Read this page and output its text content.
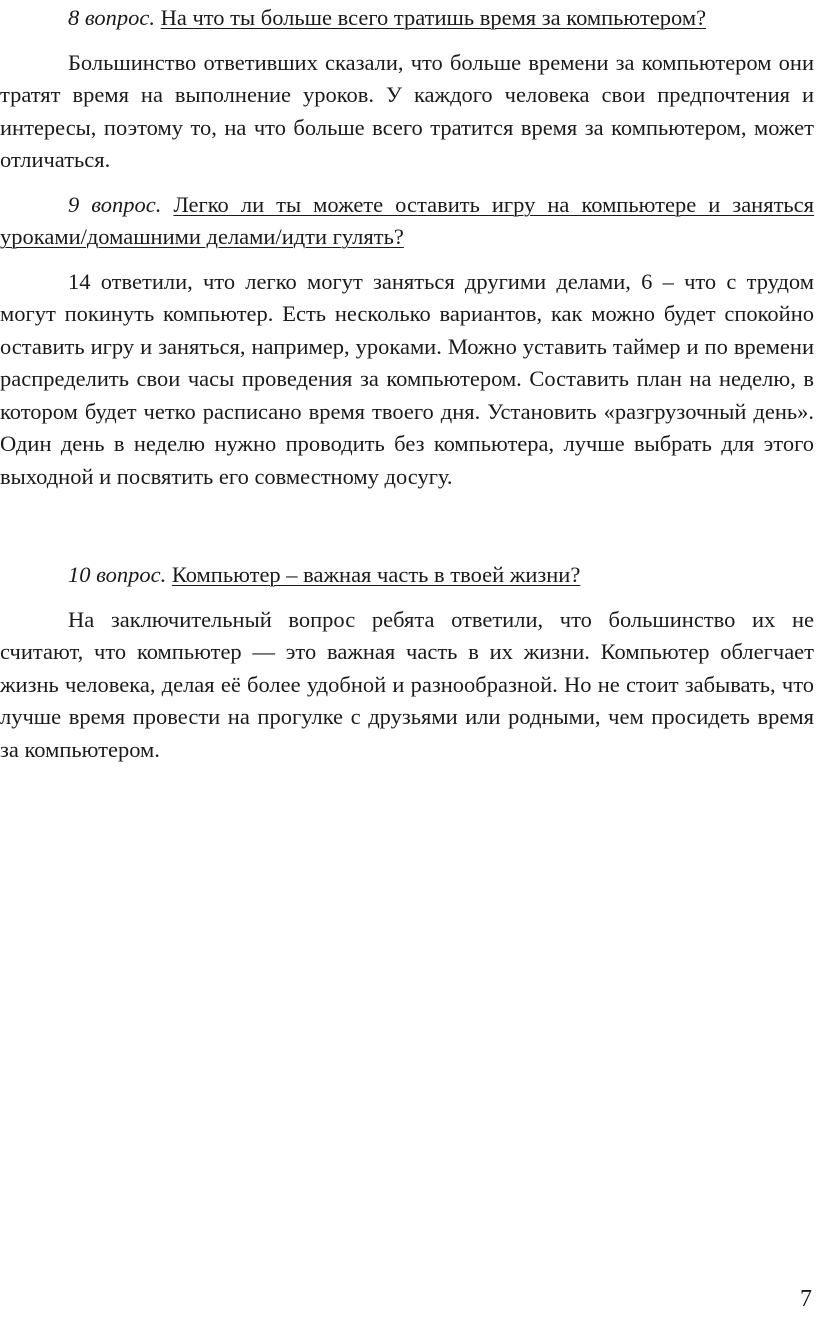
8 вопрос. На что ты больше всего тратишь время за компьютером?

Большинство ответивших сказали, что больше времени за компьютером они тратят время на выполнение уроков. У каждого человека свои предпочтения и интересы, поэтому то, на что больше всего тратится время за компьютером, может отличаться.

9 вопрос. Легко ли ты можете оставить игру на компьютере и заняться уроками/домашними делами/идти гулять?

14 ответили, что легко могут заняться другими делами, 6 – что с трудом могут покинуть компьютер. Есть несколько вариантов, как можно будет спокойно оставить игру и заняться, например, уроками. Можно уставить таймер и по времени распределить свои часы проведения за компьютером. Составить план на неделю, в котором будет четко расписано время твоего дня. Установить «разгрузочный день». Один день в неделю нужно проводить без компьютера, лучше выбрать для этого выходной и посвятить его совместному досугу.

10 вопрос. Компьютер – важная часть в твоей жизни?

На заключительный вопрос ребята ответили, что большинство их не считают, что компьютер — это важная часть в их жизни. Компьютер облегчает жизнь человека, делая её более удобной и разнообразной. Но не стоит забывать, что лучше время провести на прогулке с друзьями или родными, чем просидеть время за компьютером.

7
